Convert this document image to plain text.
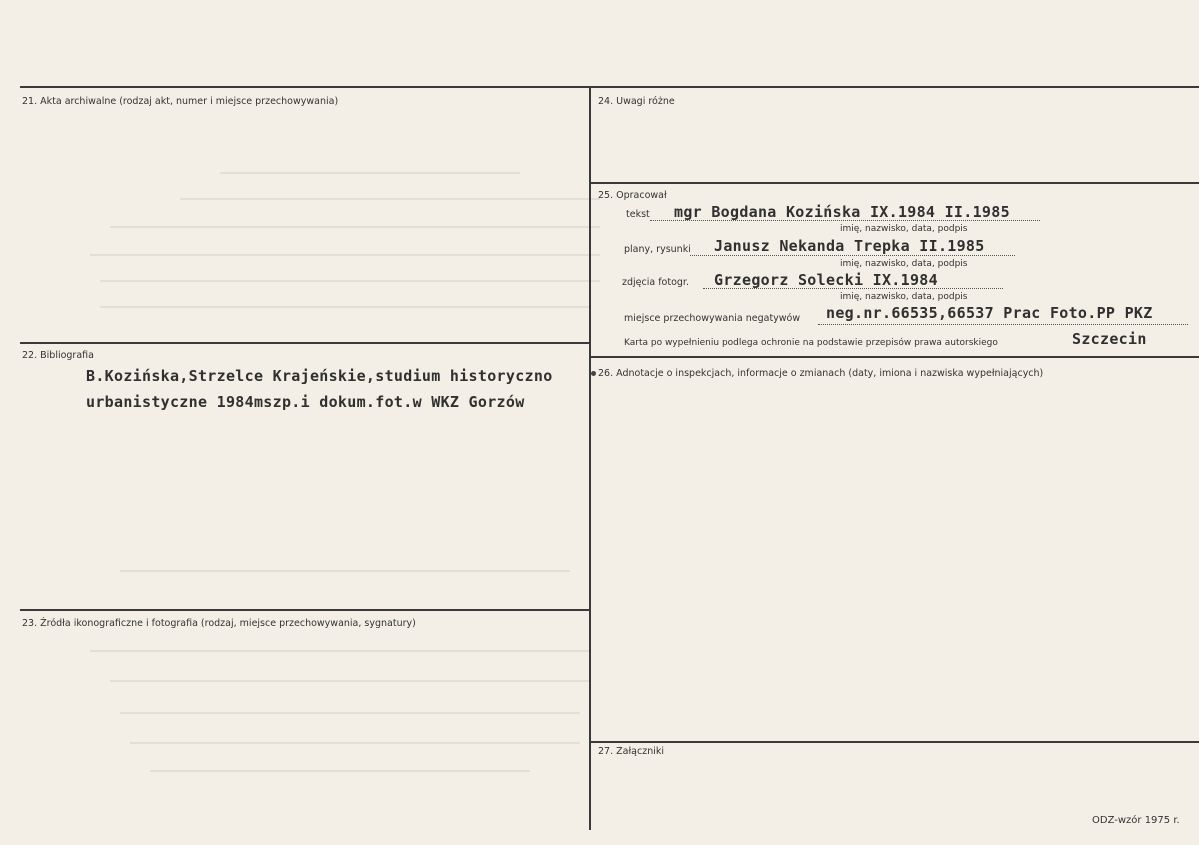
21. Akta archiwalne (rodzaj akt, numer i miejsce przechowywania)
22. Bibliografia
B.Kozińska,Strzelce Krajeńskie,studium historyczno
urbanistyczne 1984mszp.i dokum.fot.w WKZ Gorzów
23. Źródła ikonograficzne i fotografia (rodzaj, miejsce przechowywania, sygnatury)
24. Uwagi różne
25. Opracował
tekst mgr Bogdana Kozińska IX.1984 II.1985
imię, nazwisko, data, podpis
plany, rysunki Janusz Nekanda Trepka II.1985
imię, nazwisko, data, podpis
zdjęcia fotogr. Grzegorz Solecki IX.1984
imię, nazwisko, data, podpis
miejsce przechowywania negatywów neg.nr.66535,66537 Prac Foto.PP PKZ
Karta po wypełnieniu podlega ochronie na podstawie przepisów prawa autorskiego	Szczecin
26. Adnotacje o inspekcjach, informacje o zmianach (daty, imiona i nazwiska wypełniających)
27. Załączniki
ODZ-wzór 1975 r.
